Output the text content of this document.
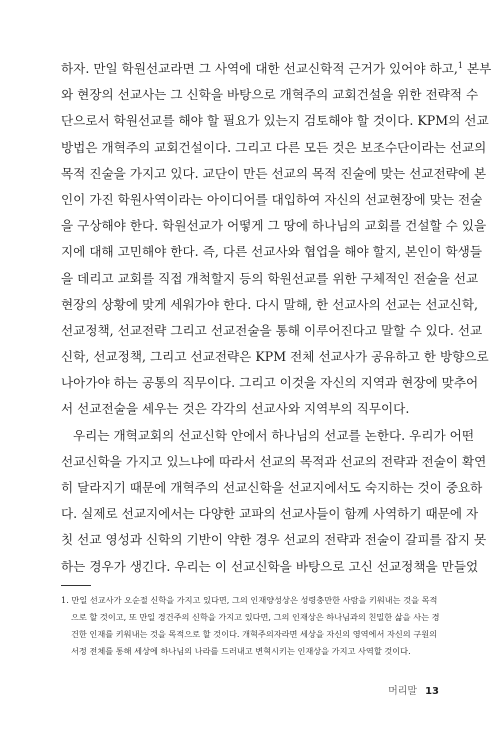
하자. 만일 학원선교라면 그 사역에 대한 선교신학적 근거가 있어야 하고,$^1$ 본부
와 현장의 선교사는 그 신학을 바탕으로 개혁주의 교회건설을 위한 전략적 수
단으로서 학원선교를 해야 할 필요가 있는지 검토해야 할 것이다. KPM의 선교
방법은 개혁주의 교회건설이다. 그리고 다른 모든 것은 보조수단이라는 선교의
목적 진술을 가지고 있다. 교단이 만든 선교의 목적 진술에 맞는 선교전략에 본
인이 가진 학원사역이라는 아이디어를 대입하여 자신의 선교현장에 맞는 전술
을 구상해야 한다. 학원선교가 어떻게 그 땅에 하나님의 교회를 건설할 수 있을
지에 대해 고민해야 한다. 즉, 다른 선교사와 협업을 해야 할지, 본인이 학생들
을 데리고 교회를 직접 개척할지 등의 학원선교를 위한 구체적인 전술을 선교
현장의 상황에 맞게 세워가야 한다. 다시 말해, 한 선교사의 선교는 선교신학,
선교정책, 선교전략 그리고 선교전술을 통해 이루어진다고 말할 수 있다. 선교
신학, 선교정책, 그리고 선교전략은 KPM 전체 선교사가 공유하고 한 방향으로
나아가야 하는 공통의 직무이다. 그리고 이것을 자신의 지역과 현장에 맞추어
서 선교전술을 세우는 것은 각각의 선교사와 지역부의 직무이다.
우리는 개혁교회의 선교신학 안에서 하나님의 선교를 논한다. 우리가 어떤
선교신학을 가지고 있느냐에 따라서 선교의 목적과 선교의 전략과 전술이 확연
히 달라지기 때문에 개혁주의 선교신학을 선교지에서도 숙지하는 것이 중요하
다. 실제로 선교지에서는 다양한 교파의 선교사들이 함께 사역하기 때문에 자
칫 선교 영성과 신학의 기반이 약한 경우 선교의 전략과 전술이 갈피를 잡지 못
하는 경우가 생긴다. 우리는 이 선교신학을 바탕으로 고신 선교정책을 만들었
1. 만일 선교사가 오순절 신학을 가지고 있다면, 그의 인재양성상은 성령충만한 사람을 키워내는 것을 목적
으로 할 것이고, 또 만일 경건주의 신학을 가지고 있다면, 그의 인재상은 하나님과의 친밀한 삶을 사는 경
건한 인재를 키워내는 것을 목적으로 할 것이다. 개혁주의자라면 세상을 자신의 영역에서 자신의 구원의
서정 전체를 통해 세상에 하나님의 나라를 드러내고 변혁시키는 인재상을 가지고 사역할 것이다.
머리말 13
